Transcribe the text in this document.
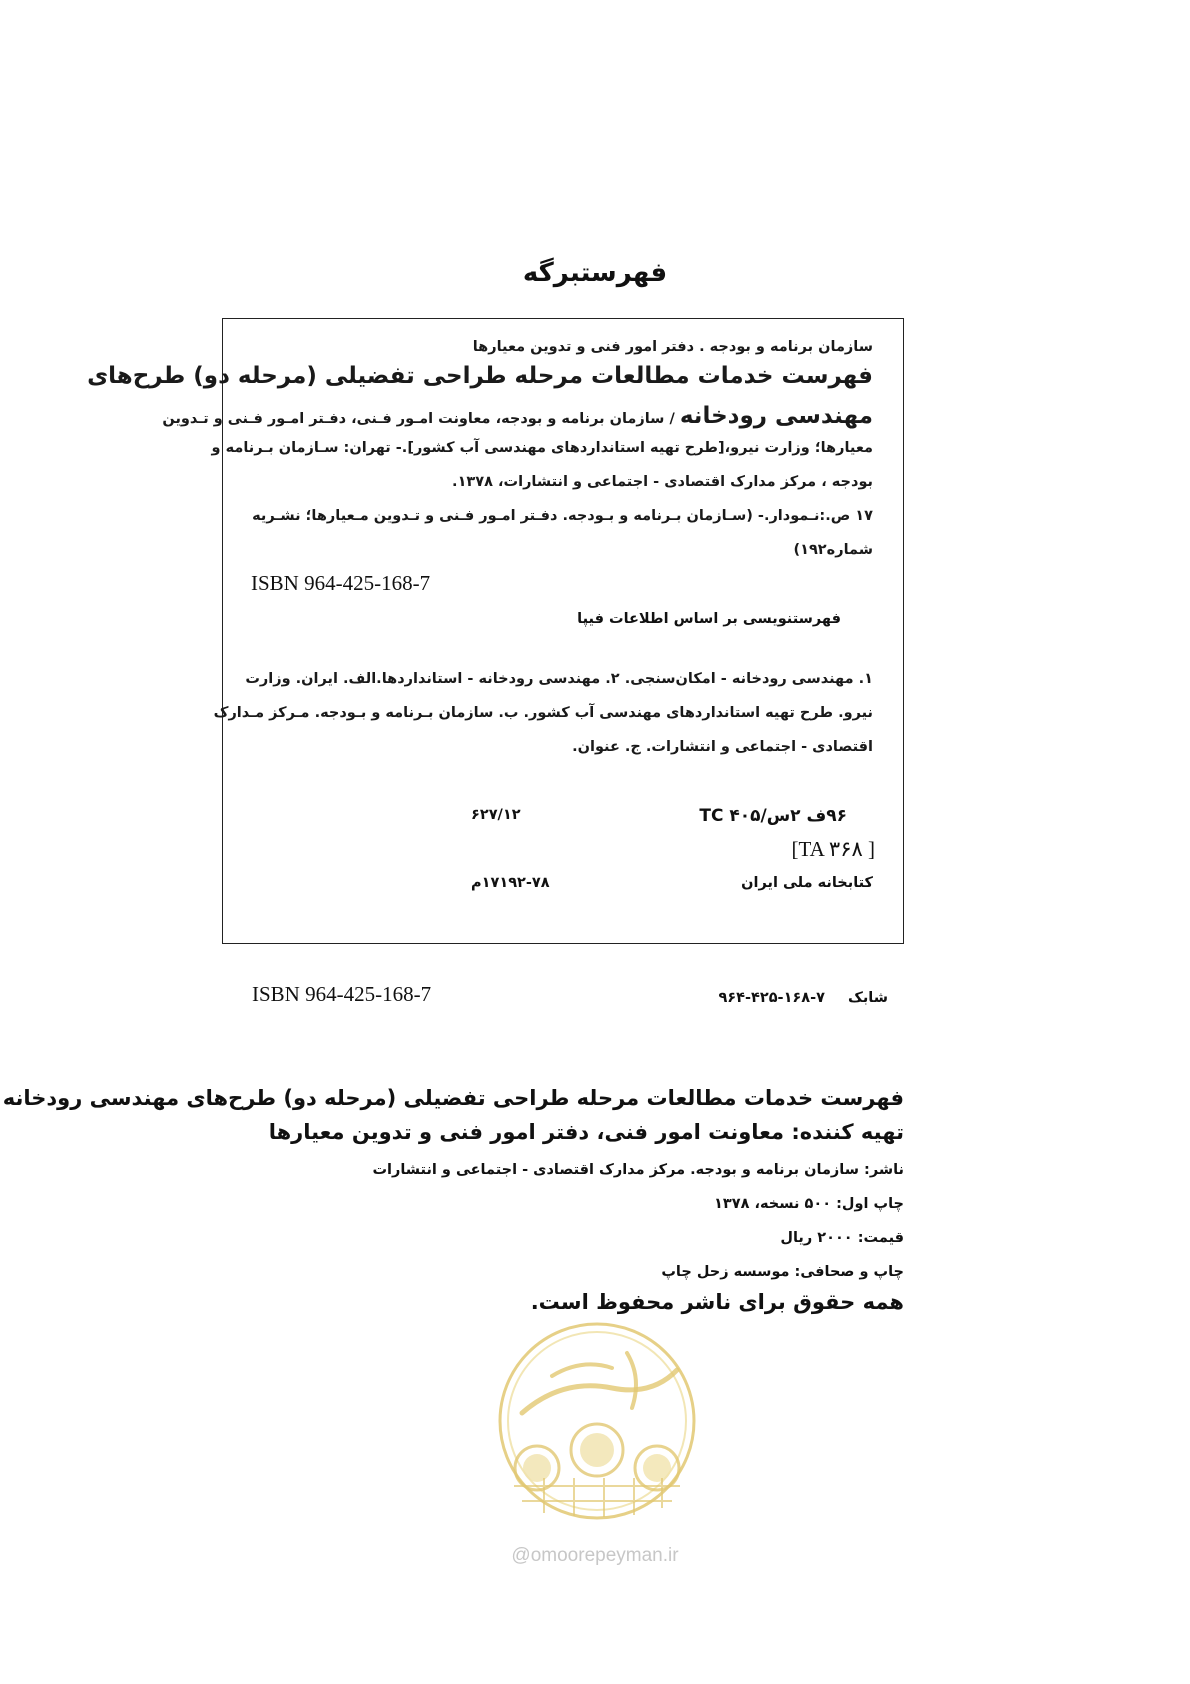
فهرستبرگه
سازمان برنامه و بودجه . دفتر امور فنی و تدوین معیارها
فهرست خدمات مطالعات مرحله طراحی تفضیلی (مرحله دو) طرح‌های
مهندسی رودخانه / سازمان برنامه و بودجه، معاونت امـور فـنی، دفـتر امـور فـنی و تـدوین
معیارها؛ وزارت نیرو،[طرح تهیه استانداردهای مهندسی آب کشور].- تهران: سـازمان بـرنامه و
بودجه ، مرکز مدارک اقتصادی - اجتماعی و انتشارات، ۱۳۷۸.
۱۷ ص.:نـمودار.- (سـازمان بـرنامه و بـودجه. دفـتر امـور فـنی و تـدوین مـعیارها؛ نشـریه
شماره۱۹۲)
ISBN 964-425-168-7
فهرستنویسی بر اساس اطلاعات فیپا
۱. مهندسی رودخانه - امکان‌سنجی. ۲. مهندسی رودخانه - استانداردها.الف. ایران. وزارت
نیرو. طرح تهیه استانداردهای مهندسی آب کشور. ب. سازمان بـرنامه و بـودجه. مـرکز مـدارک
اقتصادی - اجتماعی و انتشارات. ج. عنوان.
۹۶ف ۲س/۴۰۵ TC
۶۲۷/۱۲
[TA ۳۶۸ ]
کتابخانه ملی ایران
۱۷۱۹۲-۷۸م
ISBN 964-425-168-7	شابک
۹۶۴-۴۲۵-۱۶۸-۷
فهرست خدمات مطالعات مرحله طراحی تفضیلی (مرحله دو) طرح‌های مهندسی رودخانه
تهیه کننده: معاونت امور فنی، دفتر امور فنی و تدوین معیارها
ناشر: سازمان برنامه و بودجه. مرکز مدارک اقتصادی - اجتماعی و انتشارات
چاپ اول: ۵۰۰ نسخه، ۱۳۷۸
قیمت: ۲۰۰۰ ریال
چاپ و صحافی: موسسه زحل چاپ
همه حقوق برای ناشر محفوظ است.
@omoorepeyman.ir
